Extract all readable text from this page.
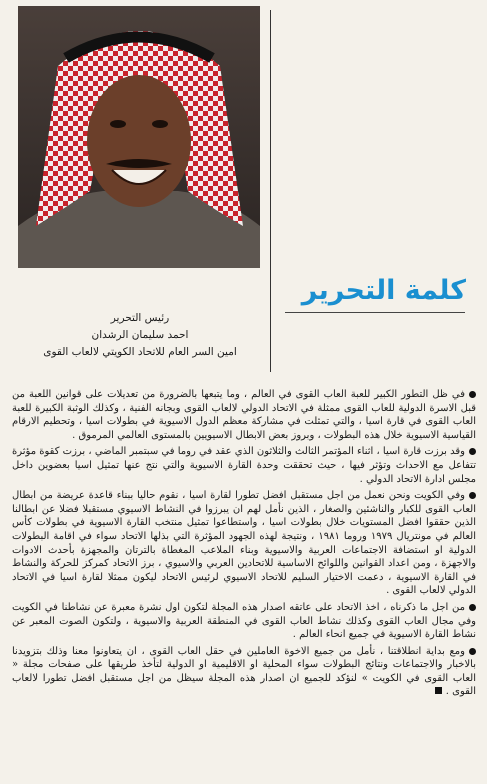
كلمة التحرير
رئيس التحرير
احمد سليمان الرشدان
امين السر العام للاتحاد الكويتي لالعاب القوى

في ظل التطور الكبير للعبة العاب القوى في العالم ، وما يتبعها بالضرورة من تعديلات على قوانين اللعبة من قبل الاسرة الدولية للعاب القوى ممثلة في الاتحاد الدولي لالعاب القوى وبجانه الفنية ، وكذلك الوثبة الكبيرة للعبة العاب القوى في قارة اسيا ، والتي تمثلت في مشاركة معظم الدول الاسيوية في بطولات اسيا ، وتحطيم الارقام القياسية الاسيوية خلال هذه البطولات ، وبروز بعض الابطال الاسيويين بالمستوى العالمي المرموق .

وقد برزت قارة اسيا ، اثناء المؤتمر الثالث والثلاثون الذي عقد في روما في سبتمبر الماضي ، برزت كقوة مؤثرة تتفاعل مع الاحداث وتؤثر فيها ، حيث تحققت وحدة القارة الاسيوية والتي نتج عنها تمثيل اسيا بعضوين داخل مجلس ادارة الاتحاد الدولي .

وفي الكويت ونحن نعمل من اجل مستقبل افضل تطورا لقارة اسيا ، نقوم حاليا ببناء قاعدة عريضة من ابطال العاب القوى للكبار والناشئين والصغار ، الذين نأمل لهم ان يبرزوا في النشاط الاسيوي مستقبلا فضلا عن ابطالنا الذين حققوا افضل المستويات خلال بطولات اسيا ، واستطاعوا تمثيل منتخب القارة الاسيوية في بطولات كأس العالم في مونتريال ١٩٧٩ وروما ١٩٨١ ، ونتيجة لهذه الجهود المؤثرة التي بذلها الاتحاد سواء في اقامة البطولات الدولية او استضافة الاجتماعات العربية والاسيوية وبناء الملاعب المغطاة بالترتان والمجهزة بأحدث الادوات والاجهزة ، ومن اعداد القوانين واللوائح الاساسية للاتحادين العربي والاسيوي ، برز الاتحاد كمركز للحركة والنشاط في القارة الاسيوية ، دعمت الاختيار السليم للاتحاد الاسيوي لرئيس الاتحاد ليكون ممثلا لقارة اسيا في الاتحاد الدولي لالعاب القوى .

من اجل ما ذكرناه ، اخذ الاتحاد على عاتقه اصدار هذه المجلة لتكون اول نشرة معبرة عن نشاطنا في الكويت وفي مجال العاب القوى وكذلك نشاط العاب القوى في المنطقة العربية والاسيوية ، ولتكون الصوت المعبر عن نشاط القارة الاسيوية في جميع انحاء العالم .

ومع بداية انطلاقتنا ، نأمل من جميع الاخوة العاملين في حقل العاب القوى ، ان يتعاونوا معنا وذلك بتزويدنا بالاخبار والاجتماعات ونتائج البطولات سواء المحلية او الاقليمية او الدولية لتأخذ طريقها على صفحات مجلة « العاب القوى في الكويت » لنؤكد للجميع ان اصدار هذه المجلة سيظل من اجل مستقبل افضل تطورا لالعاب القوى .
